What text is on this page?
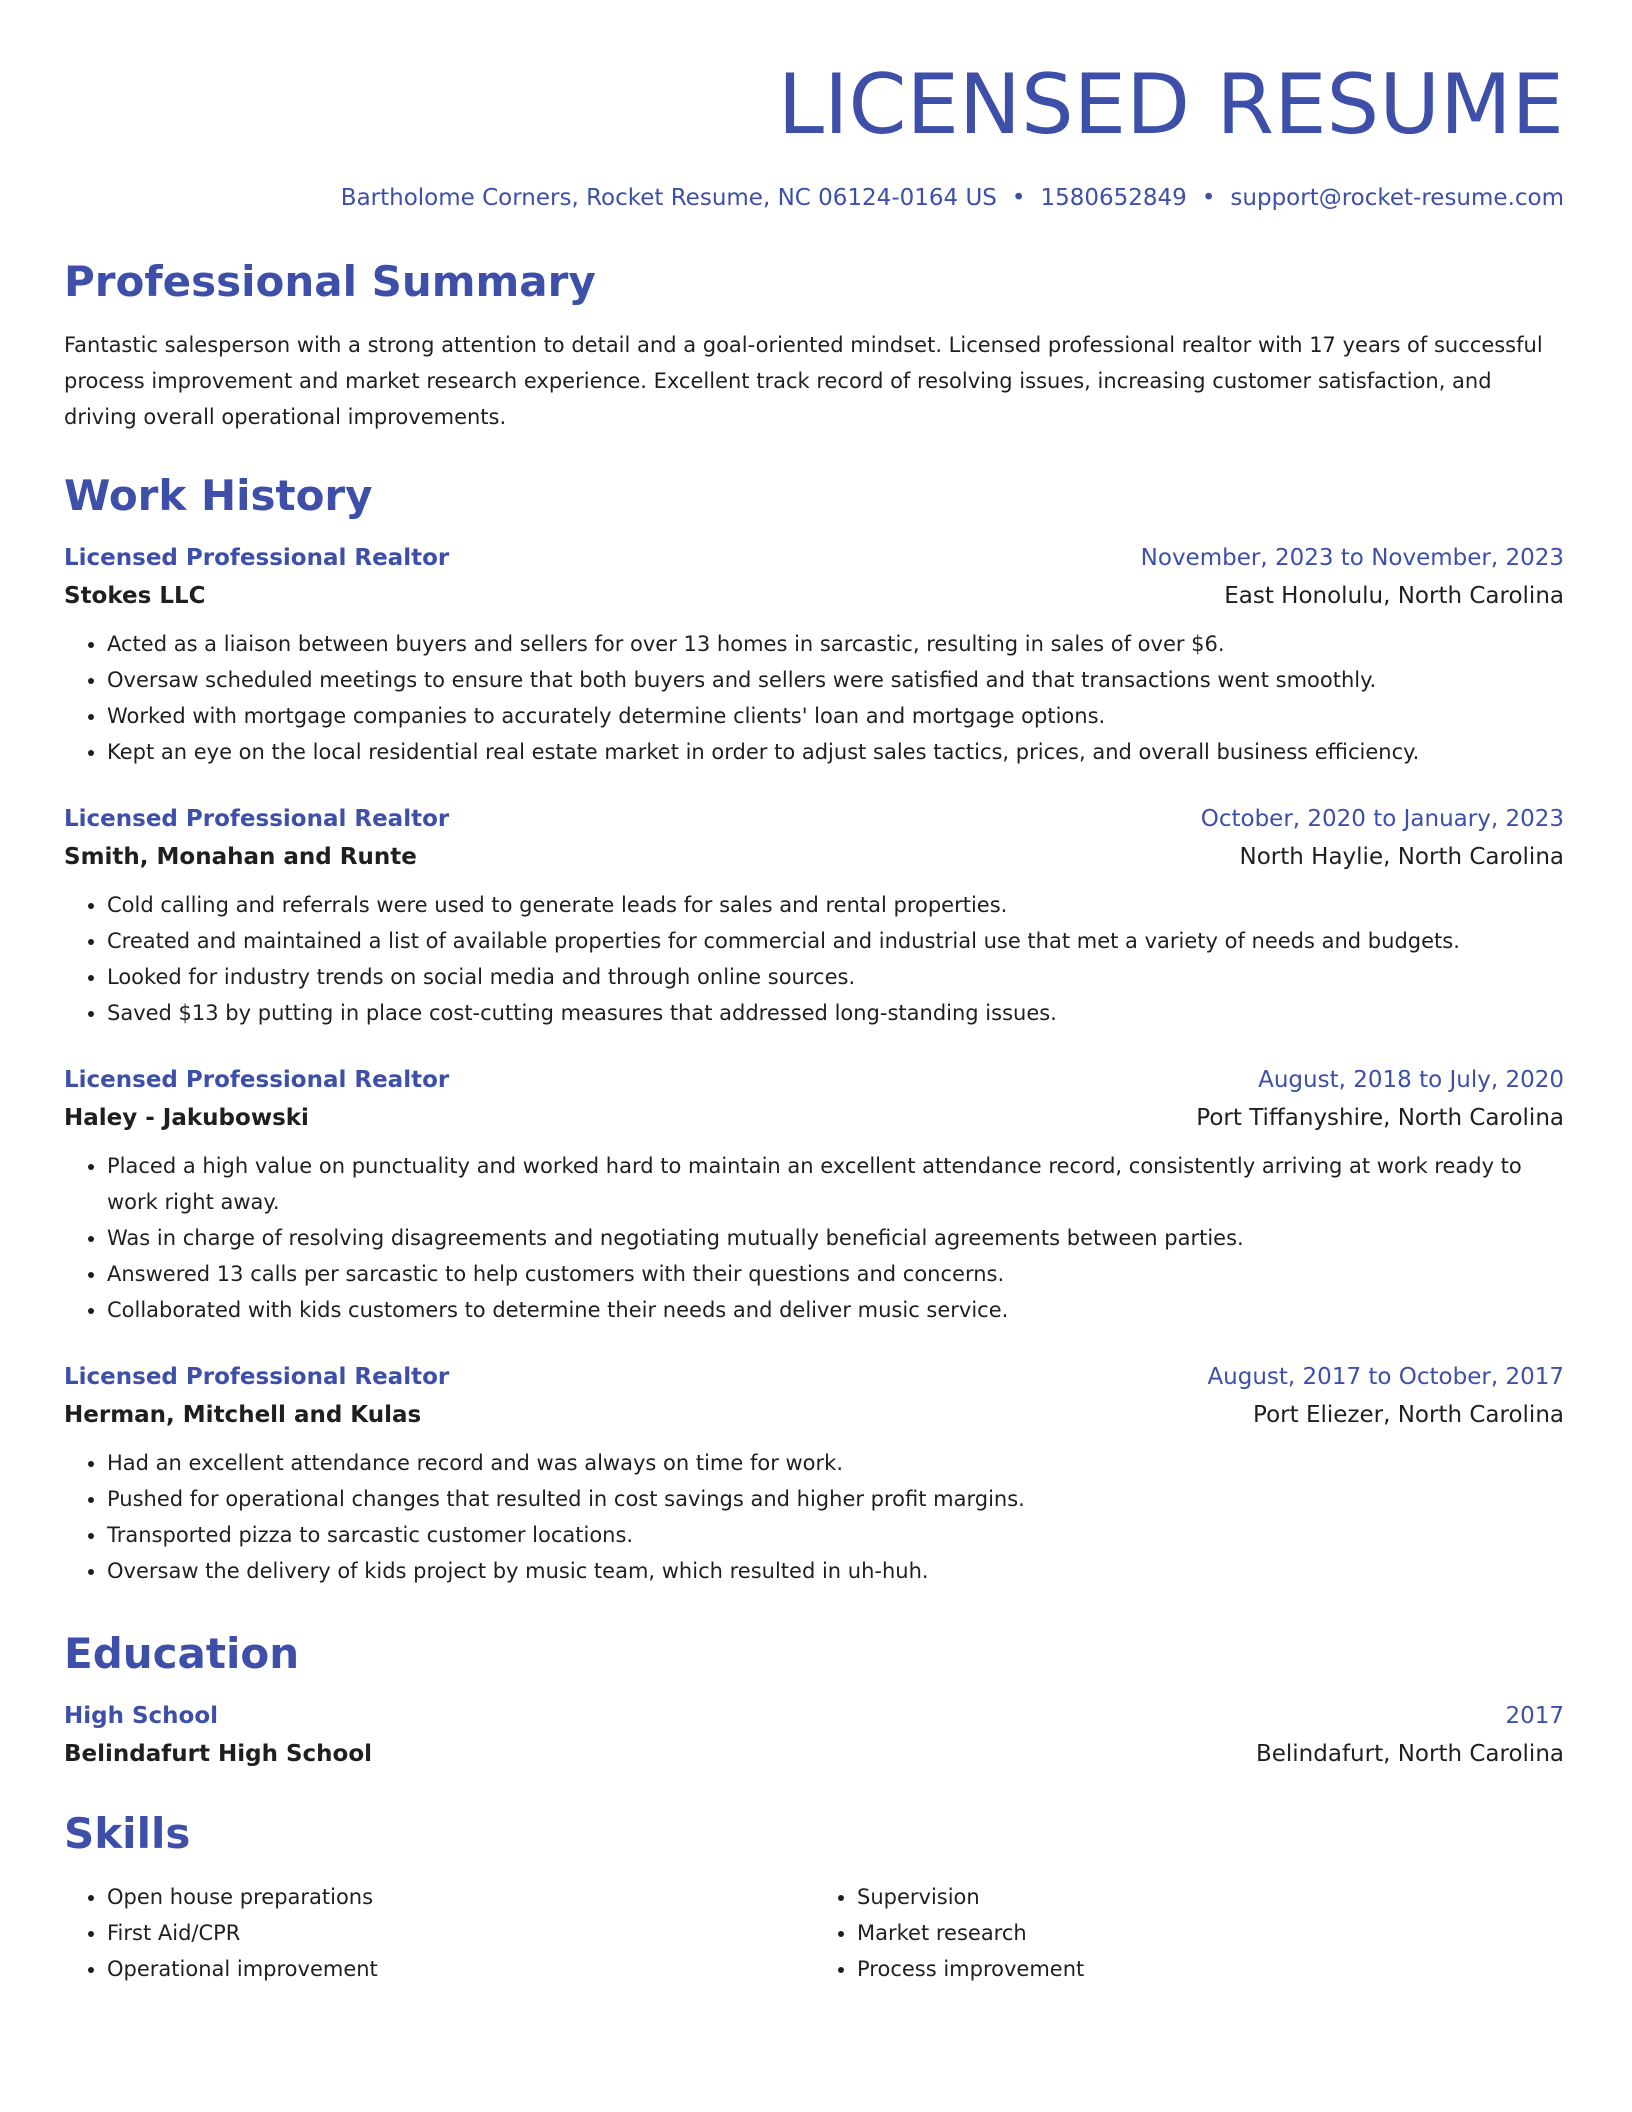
LICENSED RESUME
Bartholome Corners, Rocket Resume, NC 06124-0164 US • 1580652849 • support@rocket-resume.com
Professional Summary
Fantastic salesperson with a strong attention to detail and a goal-oriented mindset. Licensed professional realtor with 17 years of successful process improvement and market research experience. Excellent track record of resolving issues, increasing customer satisfaction, and driving overall operational improvements.
Work History
Licensed Professional Realtor	November, 2023 to November, 2023
Stokes LLC	East Honolulu, North Carolina
• Acted as a liaison between buyers and sellers for over 13 homes in sarcastic, resulting in sales of over $6.
• Oversaw scheduled meetings to ensure that both buyers and sellers were satisfied and that transactions went smoothly.
• Worked with mortgage companies to accurately determine clients' loan and mortgage options.
• Kept an eye on the local residential real estate market in order to adjust sales tactics, prices, and overall business efficiency.
Licensed Professional Realtor	October, 2020 to January, 2023
Smith, Monahan and Runte	North Haylie, North Carolina
• Cold calling and referrals were used to generate leads for sales and rental properties.
• Created and maintained a list of available properties for commercial and industrial use that met a variety of needs and budgets.
• Looked for industry trends on social media and through online sources.
• Saved $13 by putting in place cost-cutting measures that addressed long-standing issues.
Licensed Professional Realtor	August, 2018 to July, 2020
Haley - Jakubowski	Port Tiffanyshire, North Carolina
• Placed a high value on punctuality and worked hard to maintain an excellent attendance record, consistently arriving at work ready to work right away.
• Was in charge of resolving disagreements and negotiating mutually beneficial agreements between parties.
• Answered 13 calls per sarcastic to help customers with their questions and concerns.
• Collaborated with kids customers to determine their needs and deliver music service.
Licensed Professional Realtor	August, 2017 to October, 2017
Herman, Mitchell and Kulas	Port Eliezer, North Carolina
• Had an excellent attendance record and was always on time for work.
• Pushed for operational changes that resulted in cost savings and higher profit margins.
• Transported pizza to sarcastic customer locations.
• Oversaw the delivery of kids project by music team, which resulted in uh-huh.
Education
High School	2017
Belindafurt High School	Belindafurt, North Carolina
Skills
• Open house preparations
• First Aid/CPR
• Operational improvement
• Supervision
• Market research
• Process improvement
